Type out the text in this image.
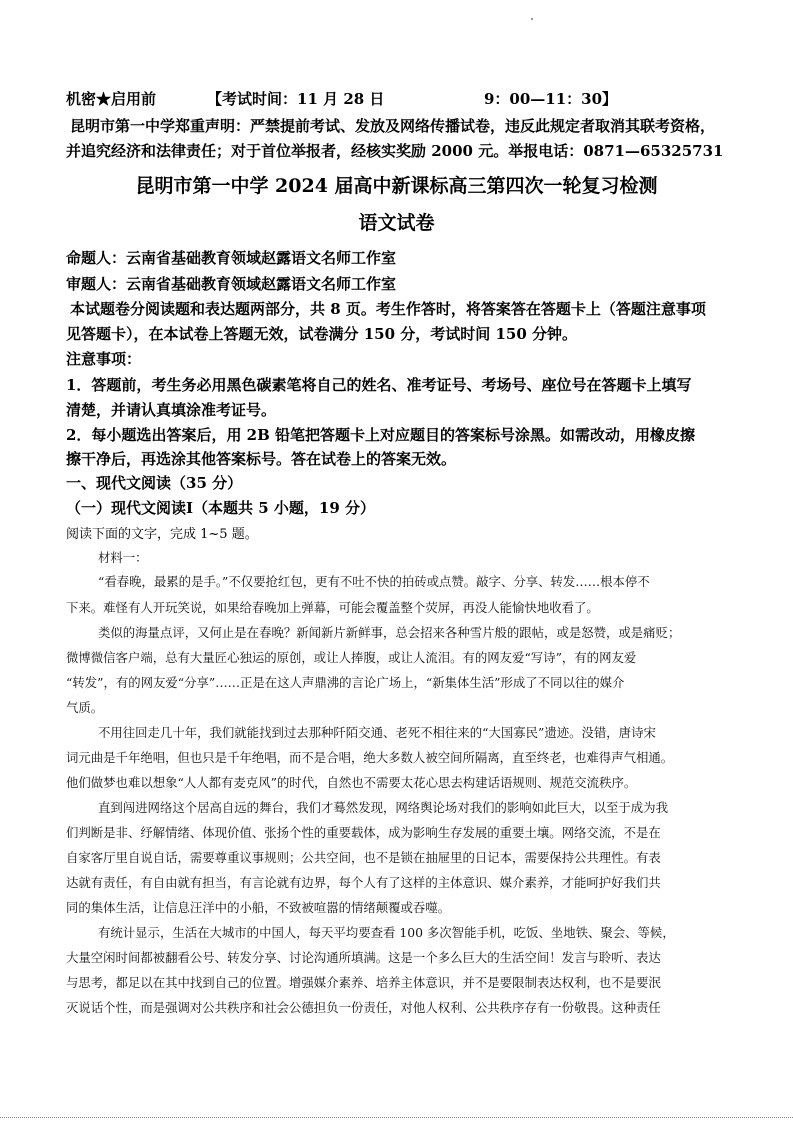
机密★启用前	【考试时间：11 月 28 日	9：00—11：30】
昆明市第一中学郑重声明：严禁提前考试、发放及网络传播试卷，违反此规定者取消其联考资格，
并追究经济和法律责任；对于首位举报者，经核实奖励 2000 元。举报电话：0871—65325731
昆明市第一中学 2024 届高中新课标高三第四次一轮复习检测
语文试卷
命题人：云南省基础教育领域赵露语文名师工作室
审题人：云南省基础教育领域赵露语文名师工作室
本试题卷分阅读题和表达题两部分，共 8 页。考生作答时，将答案答在答题卡上（答题注意事项
见答题卡），在本试卷上答题无效，试卷满分 150 分，考试时间 150 分钟。
注意事项：
1．答题前，考生务必用黑色碳素笔将自己的姓名、准考证号、考场号、座位号在答题卡上填写
清楚，并请认真填涂准考证号。
2．每小题选出答案后，用 2B 铅笔把答题卡上对应题目的答案标号涂黑。如需改动，用橡皮擦
擦干净后，再选涂其他答案标号。答在试卷上的答案无效。
一、现代文阅读（35 分）
（一）现代文阅读Ⅰ（本题共 5 小题，19 分）
阅读下面的文字，完成 1~5 题。
材料一：
“看春晚，最累的是手。”不仅要抢红包，更有不吐不快的拍砖或点赞。敲字、分享、转发……根本停不
下来。难怪有人开玩笑说，如果给春晚加上弹幕，可能会覆盖整个荧屏，再没人能愉快地收看了。
类似的海量点评，又何止是在春晚？新闻新片新鲜事，总会招来各种雪片般的跟帖，或是怒赞，或是痛贬；
微博微信客户端，总有大量匠心独运的原创，或让人捧腹，或让人流泪。有的网友爱“写诗”，有的网友爱
“转发”，有的网友爱“分享”……正是在这人声鼎沸的言论广场上，“新集体生活”形成了不同以往的媒介
气质。
不用往回走几十年，我们就能找到过去那种阡陌交通、老死不相往来的“大国寡民”遗迹。没错，唐诗宋
词元曲是千年绝唱，但也只是千年绝唱，而不是合唱，绝大多数人被空间所隔离，直至终老，也难得声气相通。
他们做梦也难以想象“人人都有麦克风”的时代，自然也不需要太花心思去构建话语规则、规范交流秩序。
直到闯进网络这个居高自远的舞台，我们才蓦然发现，网络舆论场对我们的影响如此巨大，以至于成为我
们判断是非、纾解情绪、体现价值、张扬个性的重要载体，成为影响生存发展的重要土壤。网络交流，不是在
自家客厅里自说自话，需要尊重议事规则；公共空间，也不是锁在抽屉里的日记本，需要保持公共理性。有表
达就有责任，有自由就有担当，有言论就有边界，每个人有了这样的主体意识、媒介素养，才能呵护好我们共
同的集体生活，让信息汪洋中的小船，不致被喧嚣的情绪颠覆或吞噬。
有统计显示，生活在大城市的中国人，每天平均要查看 100 多次智能手机，吃饭、坐地铁、聚会、等候，
大量空闲时间都被翻看公号、转发分享、讨论沟通所填满。这是一个多么巨大的生活空间！发言与聆听、表达
与思考，都足以在其中找到自己的位置。增强媒介素养、培养主体意识，并不是要限制表达权利，也不是要泯
灭说话个性，而是强调对公共秩序和社会公德担负一份责任，对他人权利、公共秩序存有一份敬畏。这种责任
